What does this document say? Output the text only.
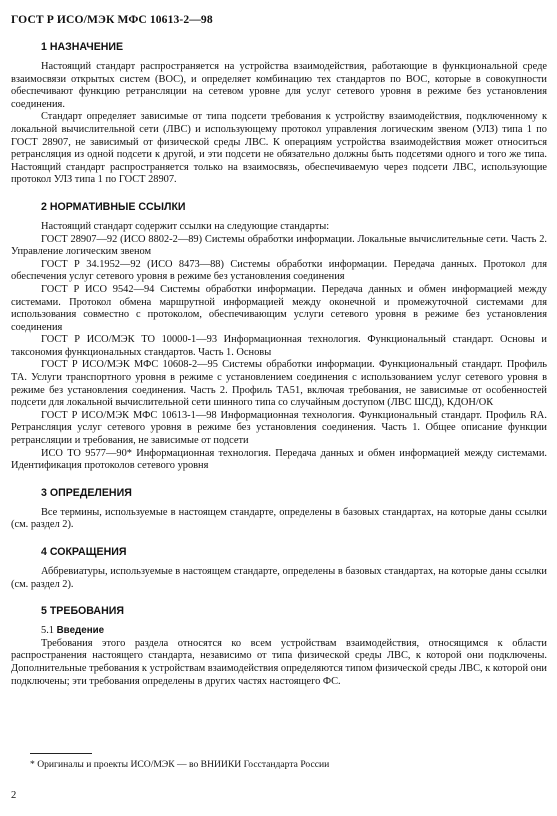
ГОСТ Р ИСО/МЭК МФС 10613-2—98
1 НАЗНАЧЕНИЕ

Настоящий стандарт распространяется на устройства взаимодействия, работающие в функциональной среде взаимосвязи открытых систем (ВОС), и определяет комбинацию тех стандартов по ВОС, которые в совокупности обеспечивают функцию ретрансляции на сетевом уровне для услуг сетевого уровня в режиме без установления соединения.

Стандарт определяет зависимые от типа подсети требования к устройству взаимодействия, подключенному к локальной вычислительной сети (ЛВС) и использующему протокол управления логическим звеном (УЛЗ) типа 1 по ГОСТ 28907, не зависимый от физической среды ЛВС. К операциям устройства взаимодействия может относиться ретрансляция из одной подсети к другой, и эти подсети не обязательно должны быть подсетями одного и того же типа. Настоящий стандарт распространяется только на взаимосвязь, обеспечиваемую через подсети ЛВС, использующие протокол УЛЗ типа 1 по ГОСТ 28907.

2 НОРМАТИВНЫЕ ССЫЛКИ

Настоящий стандарт содержит ссылки на следующие стандарты:

ГОСТ 28907—92 (ИСО 8802-2—89) Системы обработки информации. Локальные вычислительные сети. Часть 2. Управление логическим звеном

ГОСТ Р 34.1952—92 (ИСО 8473—88) Системы обработки информации. Передача данных. Протокол для обеспечения услуг сетевого уровня в режиме без установления соединения

ГОСТ Р ИСО 9542—94 Системы обработки информации. Передача данных и обмен информацией между системами. Протокол обмена маршрутной информацией между оконечной и промежуточной системами для использования совместно с протоколом, обеспечивающим услуги сетевого уровня в режиме без установления соединения

ГОСТ Р ИСО/МЭК ТО 10000-1—93 Информационная технология. Функциональный стандарт. Основы и таксономия функциональных стандартов. Часть 1. Основы

ГОСТ Р ИСО/МЭК МФС 10608-2—95 Системы обработки информации. Функциональный стандарт. Профиль ТА. Услуги транспортного уровня в режиме с установлением соединения с использованием услуг сетевого уровня в режиме без установления соединения. Часть 2. Профиль ТА51, включая требования, не зависимые от особенностей подсети для локальной вычислительной сети шинного типа со случайным доступом (ЛВС ШСД), КДОН/ОК

ГОСТ Р ИСО/МЭК МФС 10613-1—98 Информационная технология. Функциональный стандарт. Профиль RA. Ретрансляция услуг сетевого уровня в режиме без установления соединения. Часть 1. Общее описание функции ретрансляции и требования, не зависимые от подсети

ИСО ТО 9577—90* Информационная технология. Передача данных и обмен информацией между системами. Идентификация протоколов сетевого уровня

3 ОПРЕДЕЛЕНИЯ

Все термины, используемые в настоящем стандарте, определены в базовых стандартах, на которые даны ссылки (см. раздел 2).

4 СОКРАЩЕНИЯ

Аббревиатуры, используемые в настоящем стандарте, определены в базовых стандартах, на которые даны ссылки (см. раздел 2).

5 ТРЕБОВАНИЯ
5.1 Введение

Требования этого раздела относятся ко всем устройствам взаимодействия, относящимся к области распространения настоящего стандарта, независимо от типа физической среды ЛВС, к которой они подключены. Дополнительные требования к устройствам взаимодействия определяются типом физической среды ЛВС, к которой они подключены; эти требования определены в других частях настоящего ФС.

* Оригиналы и проекты ИСО/МЭК — во ВНИИКИ Госстандарта России
2
